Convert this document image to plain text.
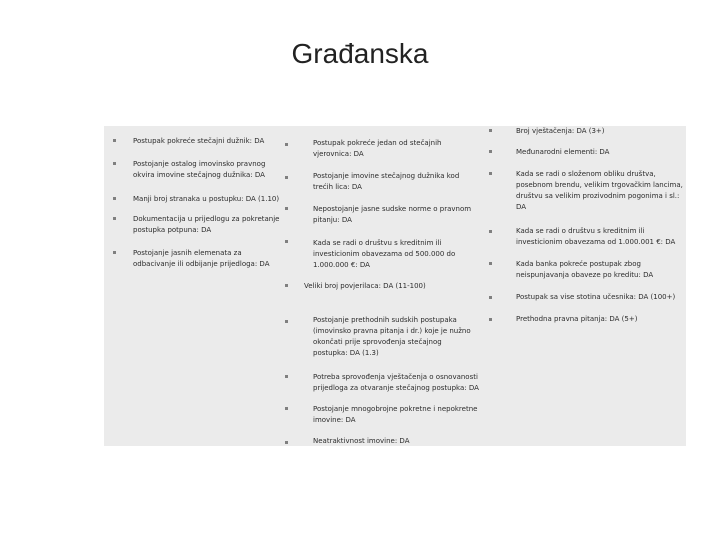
Građanska
Postupak pokreće stečajni dužnik: DA
Postojanje ostalog imovinsko pravnog okvira imovine stečajnog dužnika: DA
Manji broj stranaka u postupku: DA (1.10)
Dokumentacija u prijedlogu za pokretanje postupka potpuna: DA
Postojanje jasnih elemenata za odbacivanje ili odbijanje prijedloga: DA
Postupak pokreće jedan od stečajnih vjerovnica: DA
Postojanje imovine stečajnog dužnika kod trećih lica: DA
Nepostojanje jasne sudske norme o pravnom pitanju: DA
Kada se radi o društvu s kreditnim ili investicionim obavezama od 500.000 do 1.000.000 €: DA
Veliki broj povjerilaca: DA (11-100)
Postojanje prethodnih sudskih postupaka (imovinsko pravna pitanja i dr.) koje je nužno okončati prije sprovođenja stečajnog postupka: DA (1.3)
Potreba sprovođenja vještačenja o osnovanosti prijedloga za otvaranje stečajnog postupka: DA
Postojanje mnogobrojne pokretne i nepokretne imovine: DA
Neatraktivnost imovine: DA
Broj vještačenja: DA (3+)
Međunarodni elementi: DA
Kada se radi o složenom obliku društva, posebnom brendu, velikim trgovačkim lancima, društvu sa velikim prozivodnim pogonima i sl.: DA
Kada se radi o društvu s kreditnim ili investicionim obavezama od 1.000.001 €: DA
Kada banka pokreće postupak zbog neispunjavanja obaveze po kreditu: DA
Postupak sa vise stotina učesnika: DA (100+)
Prethodna pravna pitanja: DA (5+)
